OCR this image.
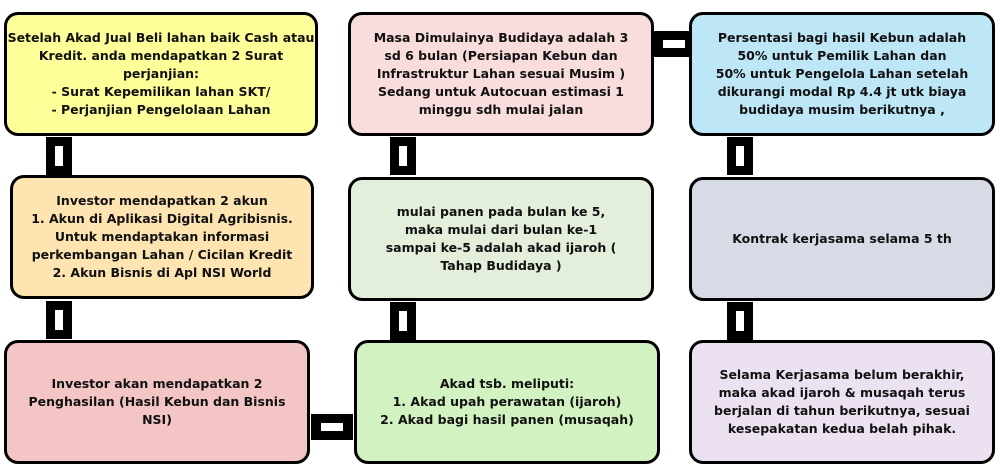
Setelah Akad Jual Beli lahan baik Cash atau
Kredit. anda mendapatkan 2 Surat
perjanjian:
- Surat Kepemilikan lahan SKT/
- Perjanjian Pengelolaan Lahan
Investor mendapatkan 2 akun
1. Akun di Aplikasi Digital Agribisnis.
Untuk mendaptakan informasi
perkembangan Lahan / Cicilan Kredit
2. Akun Bisnis di Apl NSI World
Investor akan mendapatkan 2
Penghasilan (Hasil Kebun dan Bisnis
NSI)
Masa Dimulainya Budidaya adalah 3
sd 6 bulan (Persiapan Kebun dan
Infrastruktur Lahan sesuai Musim )
Sedang untuk Autocuan estimasi 1
minggu sdh mulai jalan
mulai panen pada bulan ke 5,
maka mulai dari bulan ke-1
sampai ke-5 adalah akad ijaroh (
Tahap Budidaya )
Akad tsb. meliputi:
1. Akad upah perawatan (ijaroh)
2. Akad bagi hasil panen (musaqah)
Persentasi bagi hasil Kebun adalah
50% untuk Pemilik Lahan dan
50% untuk Pengelola Lahan setelah
dikurangi modal Rp 4.4 jt utk biaya
budidaya musim berikutnya ,
Kontrak kerjasama selama 5 th
Selama Kerjasama belum berakhir,
maka akad ijaroh & musaqah terus
berjalan di tahun berikutnya, sesuai
kesepakatan kedua belah pihak.
